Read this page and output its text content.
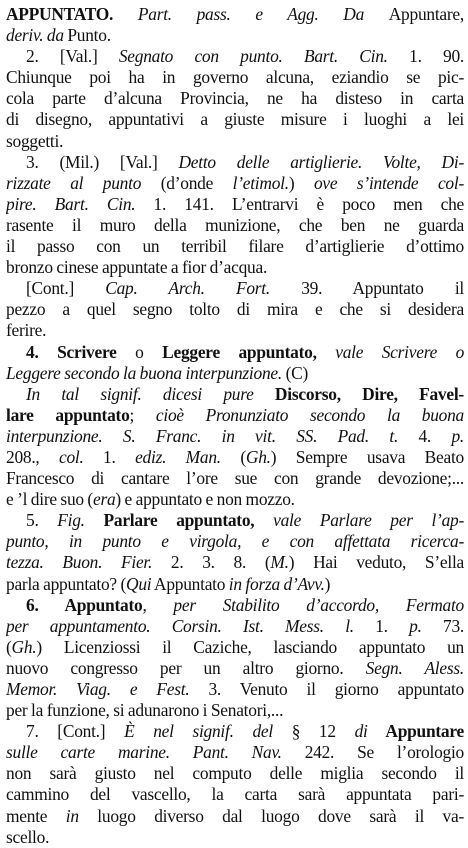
APPUNTATO. Part. pass. e Agg. Da Appuntare,
deriv. da Punto.
2. [Val.] Segnato con punto. Bart. Cin. 1. 90.
Chiunque poi ha in governo alcuna, eziandio se pic-
cola parte d’alcuna Provincia, ne ha disteso in carta
di disegno, appuntativi a giuste misure i luoghi a lei
soggetti.
3. (Mil.) [Val.] Detto delle artiglierie. Volte, Di-
rizzate al punto (d’onde l’etimol.) ove s’intende col-
pire. Bart. Cin. 1. 141. L’entrarvi è poco men che
rasente il muro della munizione, che ben ne guarda
il passo con un terribil filare d’artiglierie d’ottimo
bronzo cinese appuntate a fior d’acqua.
[Cont.] Cap. Arch. Fort. 39. Appuntato il
pezzo a quel segno tolto di mira e che si desidera
ferire.
4. Scrivere o Leggere appuntato, vale Scrivere o
Leggere secondo la buona interpunzione. (C)
In tal signif. dicesi pure Discorso, Dire, Favel-
lare appuntato; cioè Pronunziato secondo la buona
interpunzione. S. Franc. in vit. SS. Pad. t. 4. p.
208., col. 1. ediz. Man. (Gh.) Sempre usava Beato
Francesco di cantare l’ore sue con grande devozione;...
e ’l dire suo (era) e appuntato e non mozzo.
5. Fig. Parlare appuntato, vale Parlare per l’ap-
punto, in punto e virgola, e con affettata ricerca-
tezza. Buon. Fier. 2. 3. 8. (M.) Hai veduto, S’ella
parla appuntato? (Qui Appuntato in forza d’Avv.)
6. Appuntato, per Stabilito d’accordo, Fermato
per appuntamento. Corsin. Ist. Mess. l. 1. p. 73.
(Gh.) Licenziossi il Caziche, lasciando appuntato un
nuovo congresso per un altro giorno. Segn. Aless.
Memor. Viag. e Fest. 3. Venuto il giorno appuntato
per la funzione, si adunarono i Senatori,...
7. [Cont.] È nel signif. del § 12 di Appuntare
sulle carte marine. Pant. Nav. 242. Se l’orologio
non sarà giusto nel computo delle miglia secondo il
cammino del vascello, la carta sarà appuntata pari-
mente in luogo diverso dal luogo dove sarà il va-
scello.
